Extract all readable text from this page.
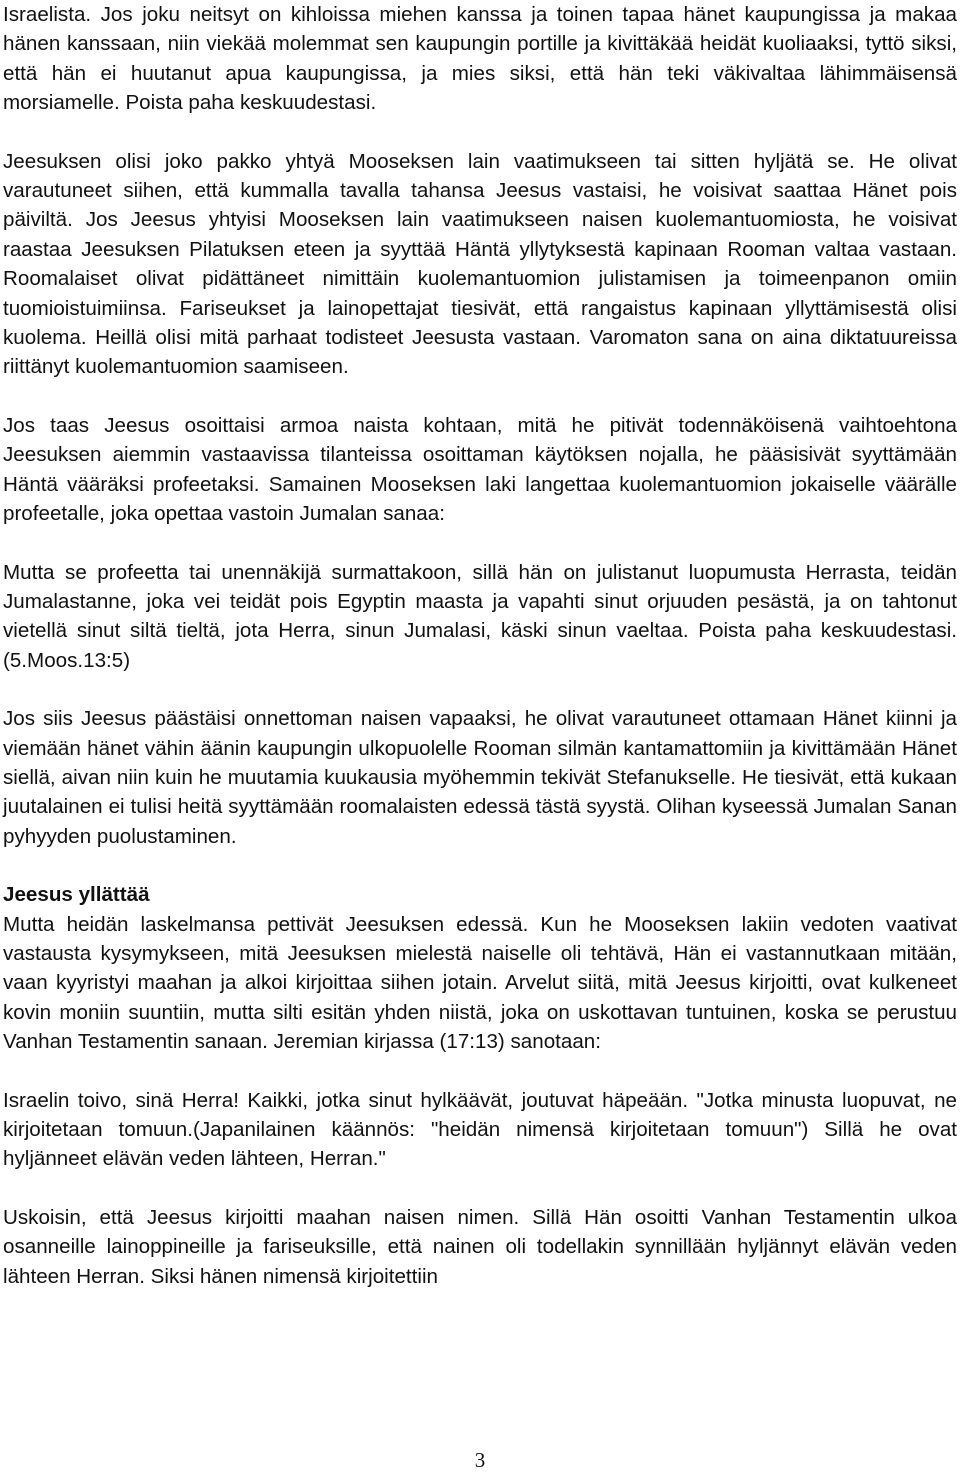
Israelista. Jos joku neitsyt on kihloissa miehen kanssa ja toinen tapaa hänet kaupungissa ja makaa hänen kanssaan, niin viekää molemmat sen kaupungin portille ja kivittäkää heidät kuoliaaksi, tyttö siksi, että hän ei huutanut apua kaupungissa, ja mies siksi, että hän teki väkivaltaa lähimmäisensä morsiamelle. Poista paha keskuudestasi.

Jeesuksen olisi joko pakko yhtyä Mooseksen lain vaatimukseen tai sitten hyljätä se. He olivat varautuneet siihen, että kummalla tavalla tahansa Jeesus vastaisi, he voisivat saattaa Hänet pois päiviltä. Jos Jeesus yhtyisi Mooseksen lain vaatimukseen naisen kuolemantuomiosta, he voisivat raastaa Jeesuksen Pilatuksen eteen ja syyttää Häntä yllytyksestä kapinaan Rooman valtaa vastaan. Roomalaiset olivat pidättäneet nimittäin kuolemantuomion julistamisen ja toimeenpanon omiin tuomioistuimiinsa. Fariseukset ja lainopettajat tiesivät, että rangaistus kapinaan yllyttämisestä olisi kuolema. Heillä olisi mitä parhaat todisteet Jeesusta vastaan. Varomaton sana on aina diktatuureissa riittänyt kuolemantuomion saamiseen.

Jos taas Jeesus osoittaisi armoa naista kohtaan, mitä he pitivät todennäköisenä vaihtoehtona Jeesuksen aiemmin vastaavissa tilanteissa osoittaman käytöksen nojalla, he pääsisivät syyttämään Häntä vääräksi profeetaksi. Samainen Mooseksen laki langettaa kuolemantuomion jokaiselle väärälle profeetalle, joka opettaa vastoin Jumalan sanaa:

Mutta se profeetta tai unennäkijä surmattakoon, sillä hän on julistanut luopumusta Herrasta, teidän Jumalastanne, joka vei teidät pois Egyptin maasta ja vapahti sinut orjuuden pesästä, ja on tahtonut vietellä sinut siltä tieltä, jota Herra, sinun Jumalasi, käski sinun vaeltaa. Poista paha keskuudestasi. (5.Moos.13:5)

Jos siis Jeesus päästäisi onnettoman naisen vapaaksi, he olivat varautuneet ottamaan Hänet kiinni ja viemään hänet vähin äänin kaupungin ulkopuolelle Rooman silmän kantamattomiin ja kivittämään Hänet siellä, aivan niin kuin he muutamia kuukausia myöhemmin tekivät Stefanukselle. He tiesivät, että kukaan juutalainen ei tulisi heitä syyttämään roomalaisten edessä tästä syystä. Olihan kyseessä Jumalan Sanan pyhyyden puolustaminen.

Jeesus yllättää

Mutta heidän laskelmansa pettivät Jeesuksen edessä. Kun he Mooseksen lakiin vedoten vaativat vastausta kysymykseen, mitä Jeesuksen mielestä naiselle oli tehtävä, Hän ei vastannutkaan mitään, vaan kyyristyi maahan ja alkoi kirjoittaa siihen jotain. Arvelut siitä, mitä Jeesus kirjoitti, ovat kulkeneet kovin moniin suuntiin, mutta silti esitän yhden niistä, joka on uskottavan tuntuinen, koska se perustuu Vanhan Testamentin sanaan. Jeremian kirjassa (17:13) sanotaan:

Israelin toivo, sinä Herra! Kaikki, jotka sinut hylkäävät, joutuvat häpeään. "Jotka minusta luopuvat, ne kirjoitetaan tomuun.(Japanilainen käännös: "heidän nimensä kirjoitetaan tomuun") Sillä he ovat hyljänneet elävän veden lähteen, Herran."

Uskoisin, että Jeesus kirjoitti maahan naisen nimen. Sillä Hän osoitti Vanhan Testamentin ulkoa osanneille lainoppineille ja fariseuksille, että nainen oli todellakin synnillään hyljännyt elävän veden lähteen Herran. Siksi hänen nimensä kirjoitettiin

3
